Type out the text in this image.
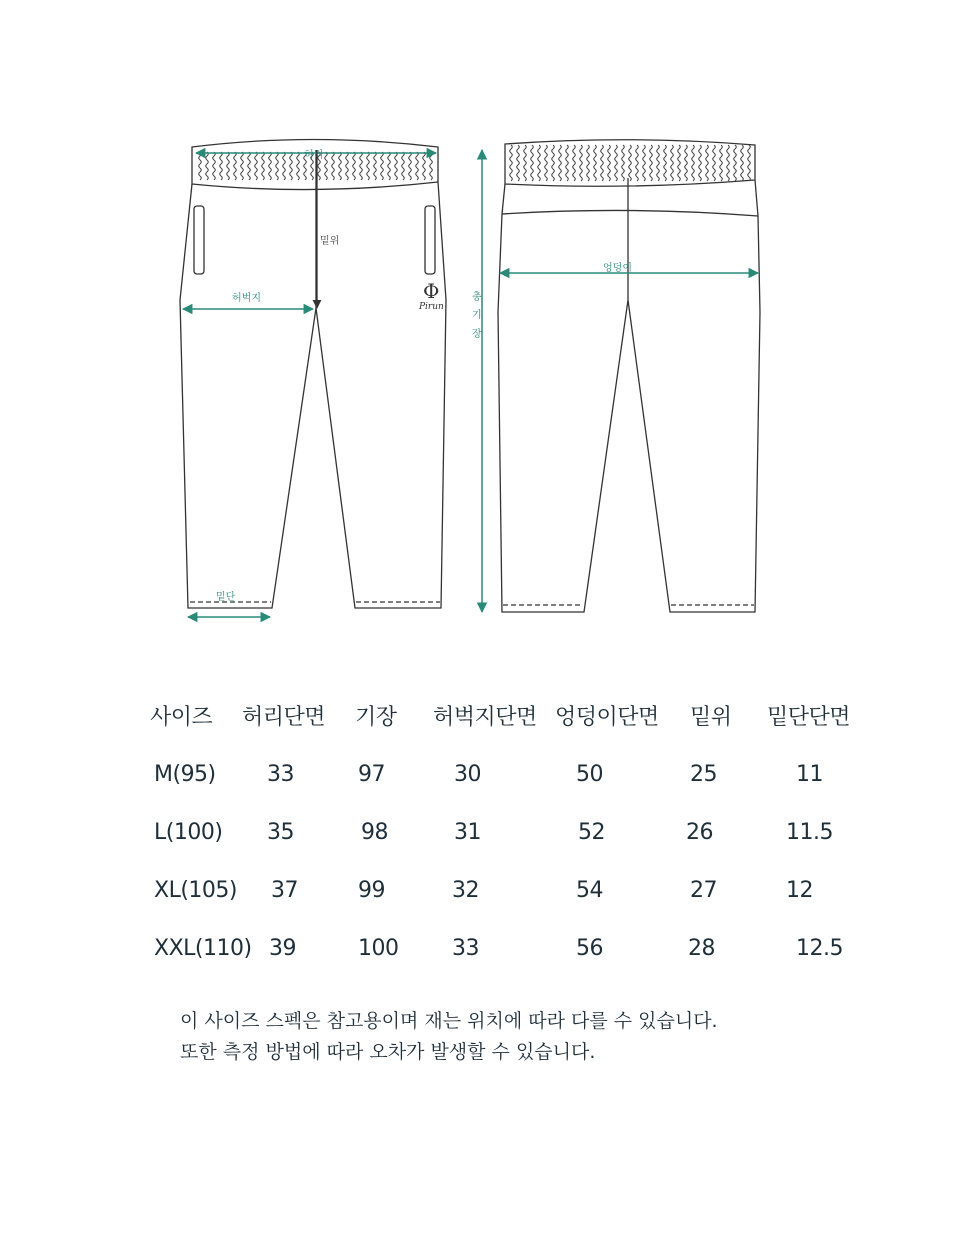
허리
밑위
허벅지
밑단
총
기
장
엉덩이
Φ
Pirun
사이즈 허리단면 기장 허벅지단면 엉덩이단면 밑위 밑단단면
M(95) 33	97	30	50	25	11
L(100) 35	98	31	52	26	11.5
XL(105) 37	99	32	54	27	12
XXL(110) 39	100 33	56	28	12.5
이 사이즈 스펙은 참고용이며 재는 위치에 따라 다를 수 있습니다.
또한 측정 방법에 따라 오차가 발생할 수 있습니다.
